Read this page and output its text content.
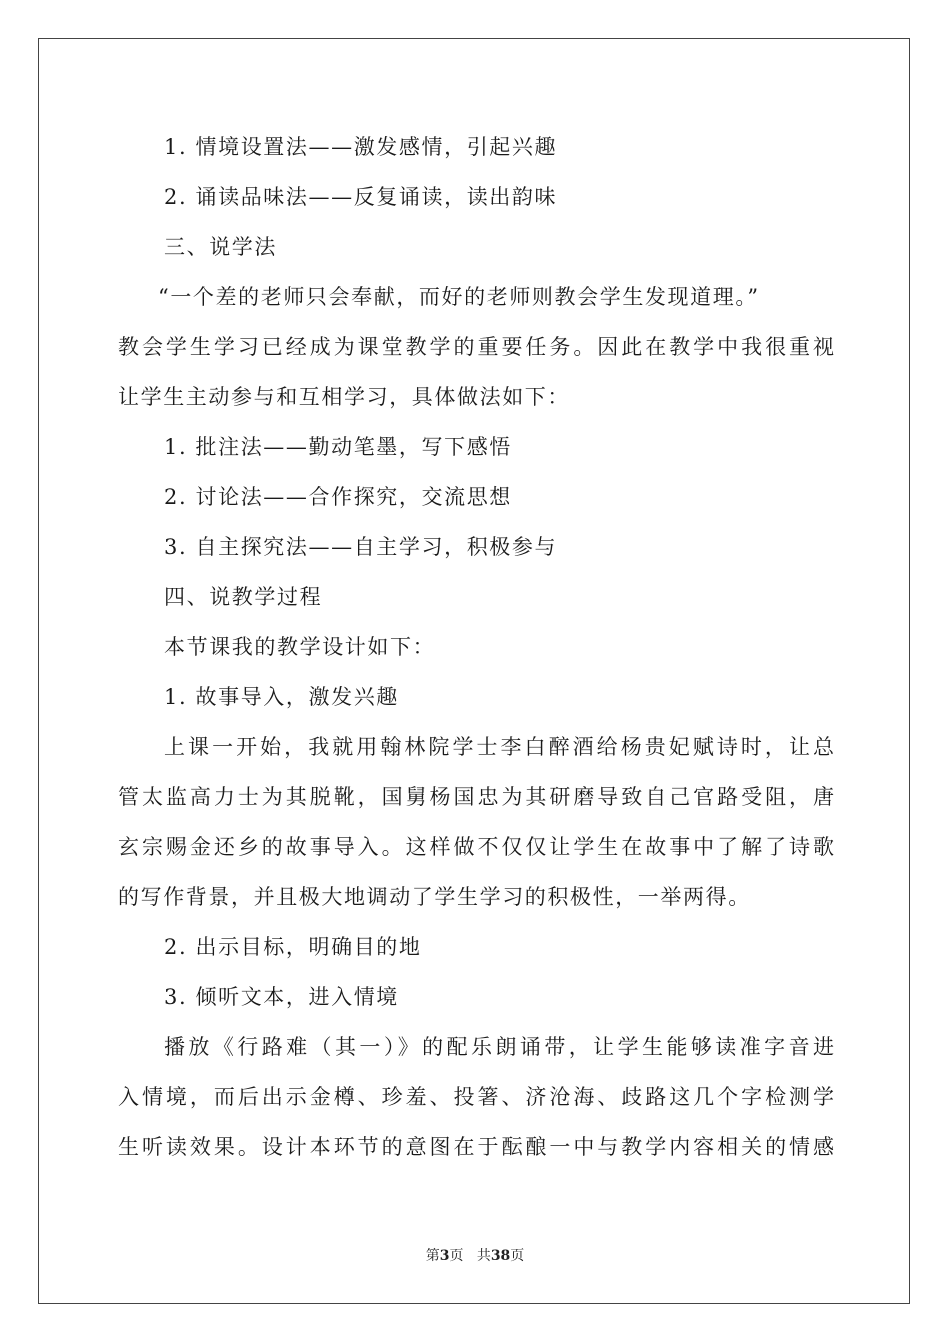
1. 情境设置法——激发感情，引起兴趣
2. 诵读品味法——反复诵读，读出韵味
三、说学法
“一个差的老师只会奉献，而好的老师则教会学生发现道理。”
教会学生学习已经成为课堂教学的重要任务。因此在教学中我很重视
让学生主动参与和互相学习，具体做法如下：
1. 批注法——勤动笔墨，写下感悟
2. 讨论法——合作探究，交流思想
3. 自主探究法——自主学习，积极参与
四、说教学过程
本节课我的教学设计如下：
1. 故事导入，激发兴趣
上课一开始，我就用翰林院学士李白醉酒给杨贵妃赋诗时，让总
管太监高力士为其脱靴，国舅杨国忠为其研磨导致自己官路受阻，唐
玄宗赐金还乡的故事导入。这样做不仅仅让学生在故事中了解了诗歌
的写作背景，并且极大地调动了学生学习的积极性，一举两得。
2. 出示目标，明确目的地
3. 倾听文本，进入情境
播放《行路难（其一）》的配乐朗诵带，让学生能够读准字音进
入情境，而后出示金樽、珍羞、投箸、济沧海、歧路这几个字检测学
生听读效果。设计本环节的意图在于酝酿一中与教学内容相关的情感
第3页 共38页
